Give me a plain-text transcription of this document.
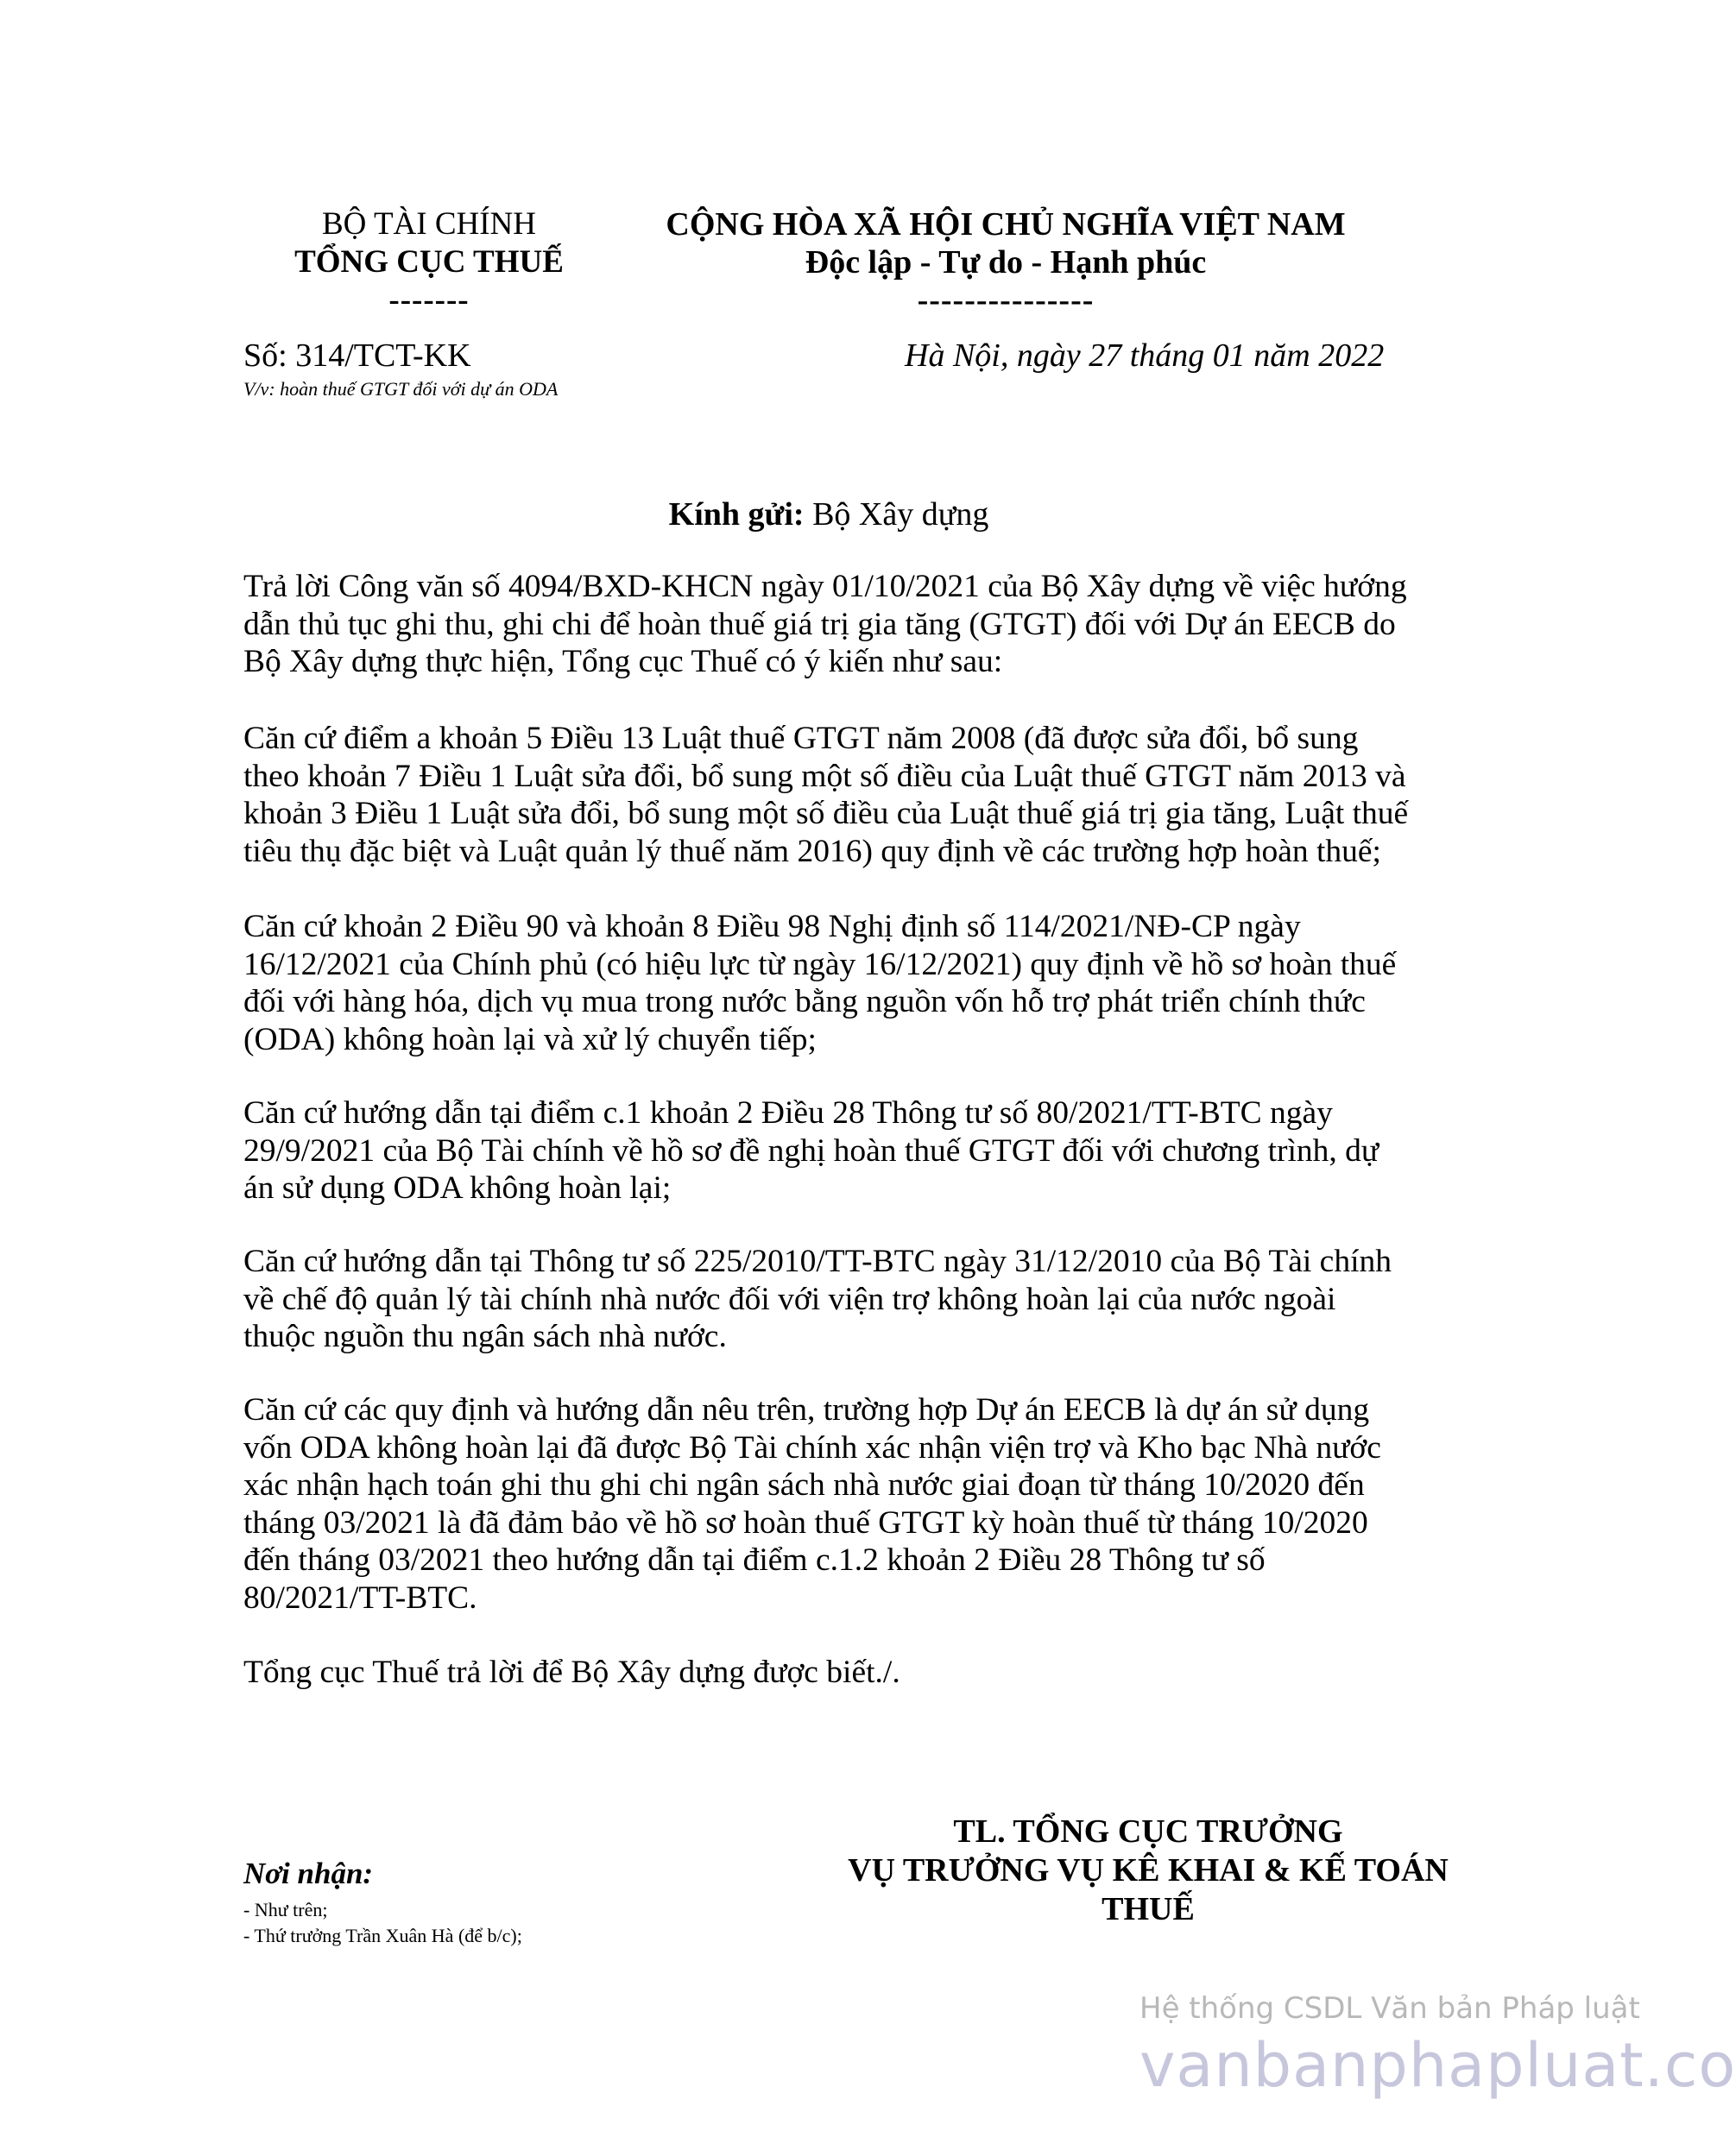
BỘ TÀI CHÍNH
TỔNG CỤC THUẾ
-------
CỘNG HÒA XÃ HỘI CHỦ NGHĨA VIỆT NAM
Độc lập - Tự do - Hạnh phúc
---------------
Số: 314/TCT-KK
V/v: hoàn thuế GTGT đối với dự án ODA
Hà Nội, ngày 27 tháng 01 năm 2022
Kính gửi: Bộ Xây dựng
Trả lời Công văn số 4094/BXD-KHCN ngày 01/10/2021 của Bộ Xây dựng về việc hướng
dẫn thủ tục ghi thu, ghi chi để hoàn thuế giá trị gia tăng (GTGT) đối với Dự án EECB do
Bộ Xây dựng thực hiện, Tổng cục Thuế có ý kiến như sau:
Căn cứ điểm a khoản 5 Điều 13 Luật thuế GTGT năm 2008 (đã được sửa đổi, bổ sung
theo khoản 7 Điều 1 Luật sửa đổi, bổ sung một số điều của Luật thuế GTGT năm 2013 và
khoản 3 Điều 1 Luật sửa đổi, bổ sung một số điều của Luật thuế giá trị gia tăng, Luật thuế
tiêu thụ đặc biệt và Luật quản lý thuế năm 2016) quy định về các trường hợp hoàn thuế;
Căn cứ khoản 2 Điều 90 và khoản 8 Điều 98 Nghị định số 114/2021/NĐ-CP ngày
16/12/2021 của Chính phủ (có hiệu lực từ ngày 16/12/2021) quy định về hồ sơ hoàn thuế
đối với hàng hóa, dịch vụ mua trong nước bằng nguồn vốn hỗ trợ phát triển chính thức
(ODA) không hoàn lại và xử lý chuyển tiếp;
Căn cứ hướng dẫn tại điểm c.1 khoản 2 Điều 28 Thông tư số 80/2021/TT-BTC ngày
29/9/2021 của Bộ Tài chính về hồ sơ đề nghị hoàn thuế GTGT đối với chương trình, dự
án sử dụng ODA không hoàn lại;
Căn cứ hướng dẫn tại Thông tư số 225/2010/TT-BTC ngày 31/12/2010 của Bộ Tài chính
về chế độ quản lý tài chính nhà nước đối với viện trợ không hoàn lại của nước ngoài
thuộc nguồn thu ngân sách nhà nước.
Căn cứ các quy định và hướng dẫn nêu trên, trường hợp Dự án EECB là dự án sử dụng
vốn ODA không hoàn lại đã được Bộ Tài chính xác nhận viện trợ và Kho bạc Nhà nước
xác nhận hạch toán ghi thu ghi chi ngân sách nhà nước giai đoạn từ tháng 10/2020 đến
tháng 03/2021 là đã đảm bảo về hồ sơ hoàn thuế GTGT kỳ hoàn thuế từ tháng 10/2020
đến tháng 03/2021 theo hướng dẫn tại điểm c.1.2 khoản 2 Điều 28 Thông tư số
80/2021/TT-BTC.
Tổng cục Thuế trả lời để Bộ Xây dựng được biết./.
TL. TỔNG CỤC TRƯỞNG
VỤ TRƯỞNG VỤ KÊ KHAI & KẾ TOÁN
THUẾ
Nơi nhận:
- Như trên;
- Thứ trưởng Trần Xuân Hà (để b/c);
Hệ thống CSDL Văn bản Pháp luật
vanbanphapluat.co
